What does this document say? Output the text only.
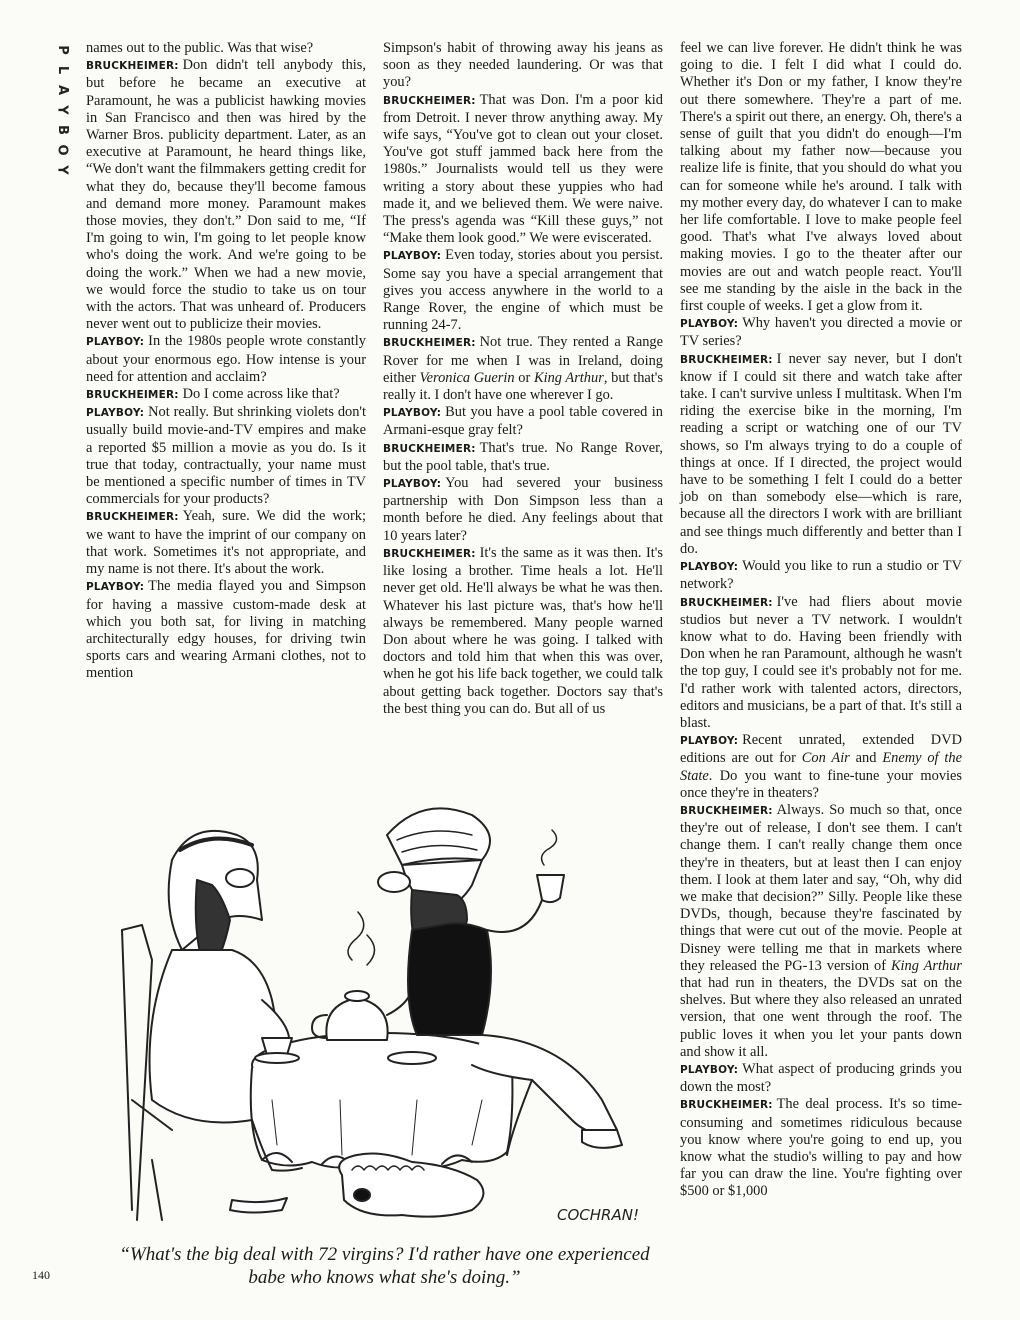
P
L
A
Y
B
O
Y

names out to the public. Was that wise?

BRUCKHEIMER: Don didn't tell anybody this, but before he became an executive at Paramount, he was a publicist hawking movies in San Francisco and then was hired by the Warner Bros. publicity department. Later, as an executive at Paramount, he heard things like, “We don't want the filmmakers getting credit for what they do, because they'll become famous and demand more money. Paramount makes those movies, they don't.” Don said to me, “If I'm going to win, I'm going to let people know who's doing the work. And we're going to be doing the work.” When we had a new movie, we would force the studio to take us on tour with the actors. That was unheard of. Producers never went out to publicize their movies.

PLAYBOY: In the 1980s people wrote constantly about your enormous ego. How intense is your need for attention and acclaim?

BRUCKHEIMER: Do I come across like that?

PLAYBOY: Not really. But shrinking violets don't usually build movie-and-TV empires and make a reported $5 million a movie as you do. Is it true that today, contractually, your name must be mentioned a specific number of times in TV commercials for your products?

BRUCKHEIMER: Yeah, sure. We did the work; we want to have the imprint of our company on that work. Sometimes it's not appropriate, and my name is not there. It's about the work.

PLAYBOY: The media flayed you and Simpson for having a massive custom-made desk at which you both sat, for living in matching architecturally edgy houses, for driving twin sports cars and wearing Armani clothes, not to mention

Simpson's habit of throwing away his jeans as soon as they needed laundering. Or was that you?

BRUCKHEIMER: That was Don. I'm a poor kid from Detroit. I never throw anything away. My wife says, “You've got to clean out your closet. You've got stuff jammed back here from the 1980s.” Journalists would tell us they were writing a story about these yuppies who had made it, and we believed them. We were naive. The press's agenda was “Kill these guys,” not “Make them look good.” We were eviscerated.

PLAYBOY: Even today, stories about you persist. Some say you have a special arrangement that gives you access anywhere in the world to a Range Rover, the engine of which must be running 24-7.

BRUCKHEIMER: Not true. They rented a Range Rover for me when I was in Ireland, doing either Veronica Guerin or King Arthur, but that's really it. I don't have one wherever I go.

PLAYBOY: But you have a pool table covered in Armani-esque gray felt?

BRUCKHEIMER: That's true. No Range Rover, but the pool table, that's true.

PLAYBOY: You had severed your business partnership with Don Simpson less than a month before he died. Any feelings about that 10 years later?

BRUCKHEIMER: It's the same as it was then. It's like losing a brother. Time heals a lot. He'll never get old. He'll always be what he was then. Whatever his last picture was, that's how he'll always be remembered. Many people warned Don about where he was going. I talked with doctors and told him that when this was over, when he got his life back together, we could talk about getting back together. Doctors say that's the best thing you can do. But all of us

feel we can live forever. He didn't think he was going to die. I felt I did what I could do. Whether it's Don or my father, I know they're out there somewhere. They're a part of me. There's a spirit out there, an energy. Oh, there's a sense of guilt that you didn't do enough—I'm talking about my father now—because you realize life is finite, that you should do what you can for someone while he's around. I talk with my mother every day, do whatever I can to make her life comfortable. I love to make people feel good. That's what I've always loved about making movies. I go to the theater after our movies are out and watch people react. You'll see me standing by the aisle in the back in the first couple of weeks. I get a glow from it.

PLAYBOY: Why haven't you directed a movie or TV series?

BRUCKHEIMER: I never say never, but I don't know if I could sit there and watch take after take. I can't survive unless I multitask. When I'm riding the exercise bike in the morning, I'm reading a script or watching one of our TV shows, so I'm always trying to do a couple of things at once. If I directed, the project would have to be something I felt I could do a better job on than somebody else—which is rare, because all the directors I work with are brilliant and see things much differently and better than I do.

PLAYBOY: Would you like to run a studio or TV network?

BRUCKHEIMER: I've had fliers about movie studios but never a TV network. I wouldn't know what to do. Having been friendly with Don when he ran Paramount, although he wasn't the top guy, I could see it's probably not for me. I'd rather work with talented actors, directors, editors and musicians, be a part of that. It's still a blast.

PLAYBOY: Recent unrated, extended DVD editions are out for Con Air and Enemy of the State. Do you want to fine-tune your movies once they're in theaters?

BRUCKHEIMER: Always. So much so that, once they're out of release, I don't see them. I can't change them. I can't really change them once they're in theaters, but at least then I can enjoy them. I look at them later and say, “Oh, why did we make that decision?” Silly. People like these DVDs, though, because they're fascinated by things that were cut out of the movie. People at Disney were telling me that in markets where they released the PG-13 version of King Arthur that had run in theaters, the DVDs sat on the shelves. But where they also released an unrated version, that one went through the roof. The public loves it when you let your pants down and show it all.

PLAYBOY: What aspect of producing grinds you down the most?

BRUCKHEIMER: The deal process. It's so time-consuming and sometimes ridiculous because you know where you're going to end up, you know what the studio's willing to pay and how far you can draw the line. You're fighting over $500 or $1,000

COCHRAN!
“What's the big deal with 72 virgins? I'd rather have one experienced babe who knows what she's doing.”
140
